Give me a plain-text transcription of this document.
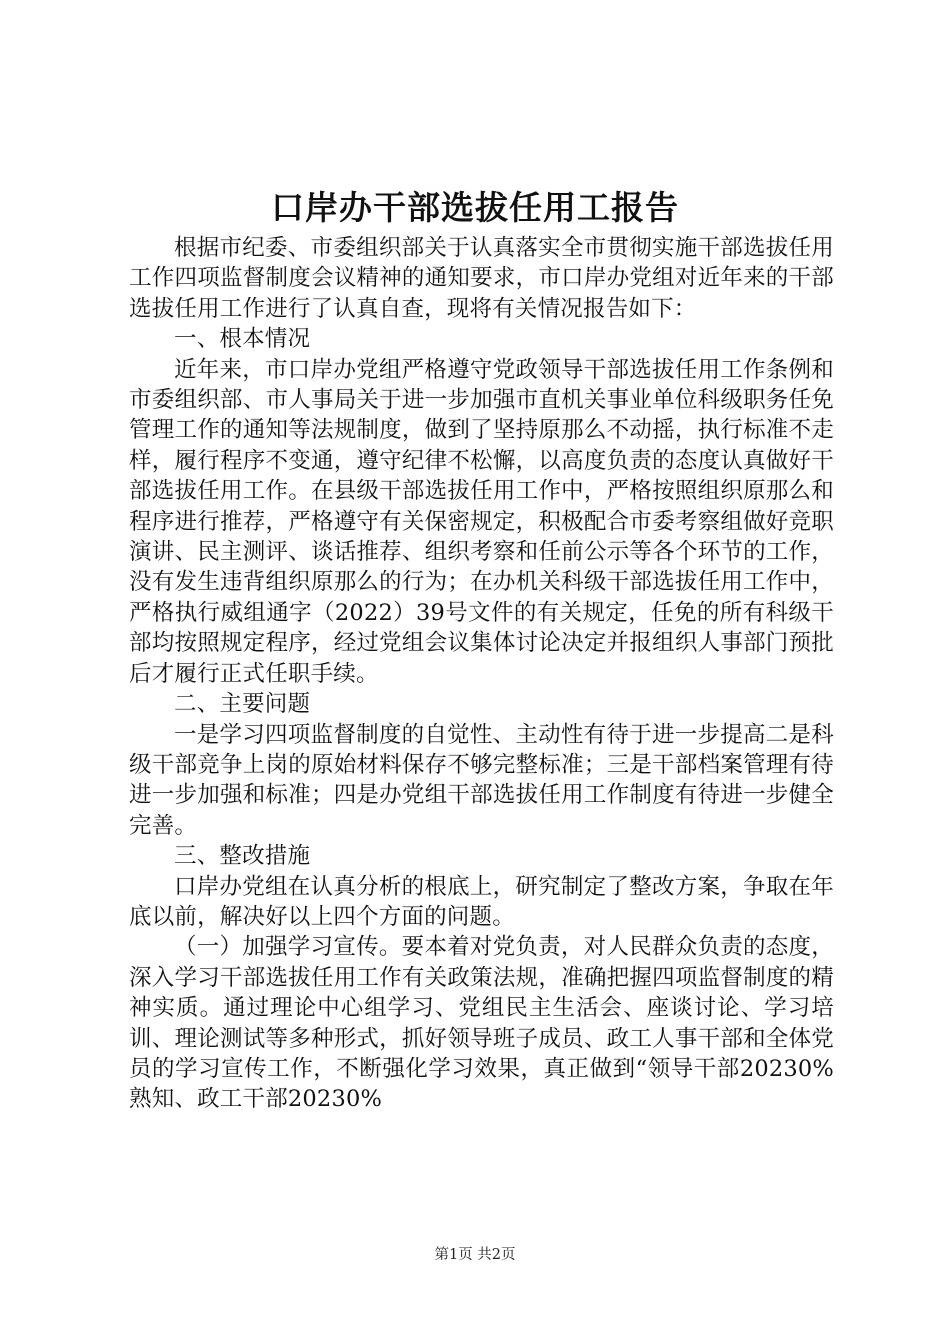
口岸办干部选拔任用工报告

根据市纪委、市委组织部关于认真落实全市贯彻实施干部选拔任用工作四项监督制度会议精神的通知要求，市口岸办党组对近年来的干部选拔任用工作进行了认真自查，现将有关情况报告如下：

一、根本情况

近年来，市口岸办党组严格遵守党政领导干部选拔任用工作条例和市委组织部、市人事局关于进一步加强市直机关事业单位科级职务任免管理工作的通知等法规制度，做到了坚持原那么不动摇，执行标准不走样，履行程序不变通，遵守纪律不松懈，以高度负责的态度认真做好干部选拔任用工作。在县级干部选拔任用工作中，严格按照组织原那么和程序进行推荐，严格遵守有关保密规定，积极配合市委考察组做好竞职演讲、民主测评、谈话推荐、组织考察和任前公示等各个环节的工作，没有发生违背组织原那么的行为；在办机关科级干部选拔任用工作中，严格执行威组通字（2022）39号文件的有关规定，任免的所有科级干部均按照规定程序，经过党组会议集体讨论决定并报组织人事部门预批后才履行正式任职手续。

二、主要问题

一是学习四项监督制度的自觉性、主动性有待于进一步提高二是科级干部竞争上岗的原始材料保存不够完整标准；三是干部档案管理有待进一步加强和标准；四是办党组干部选拔任用工作制度有待进一步健全完善。

三、整改措施

口岸办党组在认真分析的根底上，研究制定了整改方案，争取在年底以前，解决好以上四个方面的问题。

（一）加强学习宣传。要本着对党负责，对人民群众负责的态度，深入学习干部选拔任用工作有关政策法规，准确把握四项监督制度的精神实质。通过理论中心组学习、党组民主生活会、座谈讨论、学习培训、理论测试等多种形式，抓好领导班子成员、政工人事干部和全体党员的学习宣传工作，不断强化学习效果，真正做到“领导干部20230%熟知、政工干部20230%

第1页 共2页
